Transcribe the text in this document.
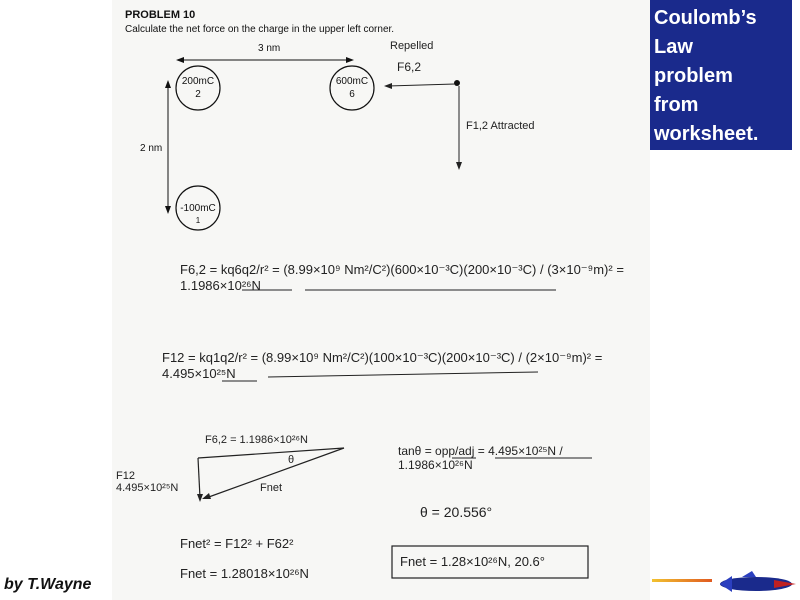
PROBLEM 10
Calculate the net force on the charge in the upper left corner.
3 nm
2 nm
200mC
2
600mC
6
-100mC
1
Repelled
F6,2
F1,2 Attracted
F6,2 = kq6q2/r² = (8.99×10⁹ Nm²/C²)(600×10⁻³C)(200×10⁻³C) / (3×10⁻⁹m)² = 1.1986×10²⁶N
F12 = kq1q2/r² = (8.99×10⁹ Nm²/C²)(100×10⁻³C)(200×10⁻³C) / (2×10⁻⁹m)² = 4.495×10²⁵N
F6,2 = 1.1986×10²⁶N
θ
F12 4.495×10²⁵N	Fnet
tanθ = opp/adj = 4.495×10²⁵N / 1.1986×10²⁶N
θ = 20.556°
Fnet² = F12² + F62²
Fnet = 1.28018×10²⁶N
Fnet = 1.28×10²⁶N, 20.6°
Coulomb’s
Law
problem
from
worksheet.
by T.Wayne
